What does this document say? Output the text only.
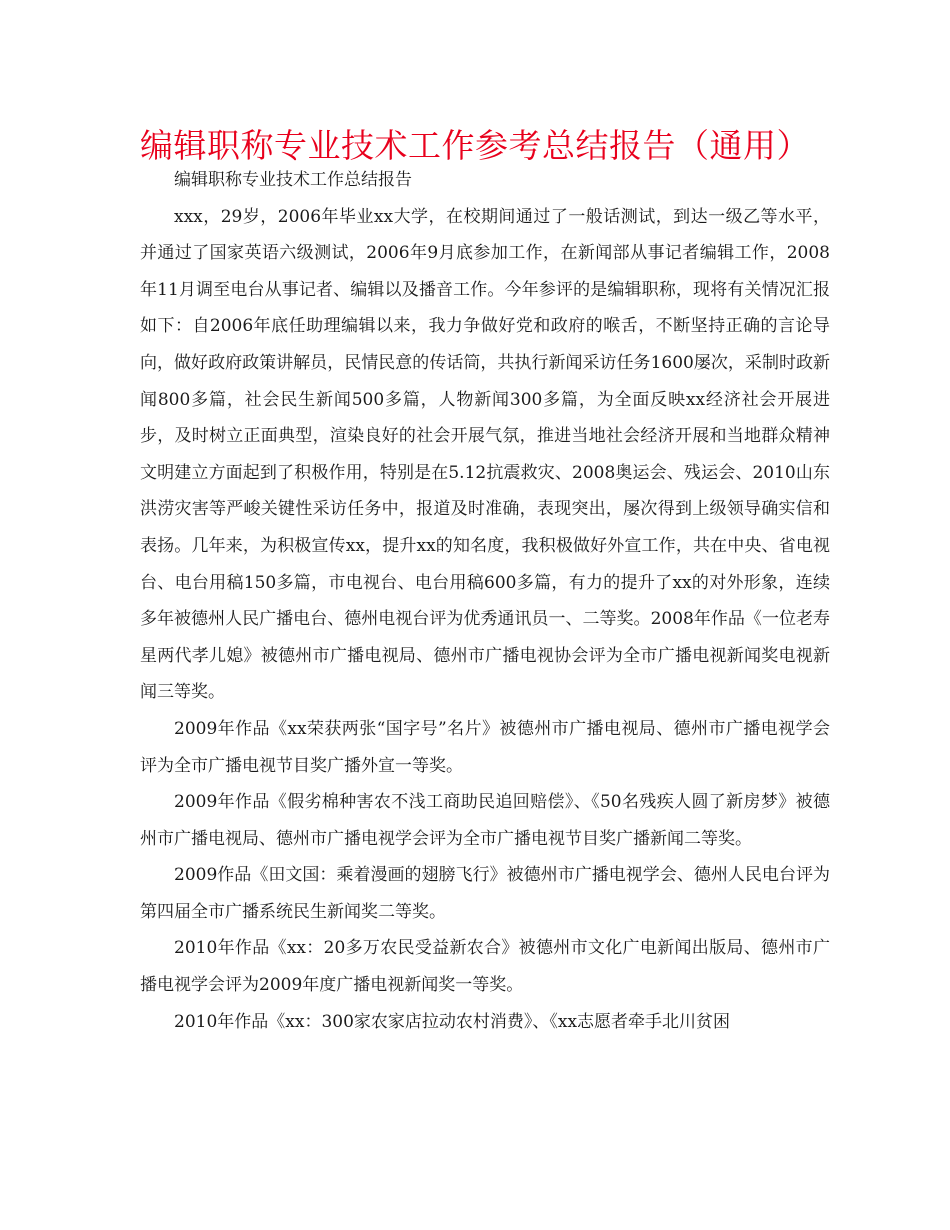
编辑职称专业技术工作参考总结报告（通用）

编辑职称专业技术工作总结报告

xxx，29岁，2006年毕业xx大学，在校期间通过了一般话测试，到达一级乙等水平，并通过了国家英语六级测试，2006年9月底参加工作，在新闻部从事记者编辑工作，2008年11月调至电台从事记者、编辑以及播音工作。今年参评的是编辑职称，现将有关情况汇报如下：自2006年底任助理编辑以来，我力争做好党和政府的喉舌，不断坚持正确的言论导向，做好政府政策讲解员，民情民意的传话筒，共执行新闻采访任务1600屡次，采制时政新闻800多篇，社会民生新闻500多篇，人物新闻300多篇，为全面反映xx经济社会开展进步，及时树立正面典型，渲染良好的社会开展气氛，推进当地社会经济开展和当地群众精神文明建立方面起到了积极作用，特别是在5.12抗震救灾、2008奥运会、残运会、2010山东洪涝灾害等严峻关键性采访任务中，报道及时准确，表现突出，屡次得到上级领导确实信和表扬。几年来，为积极宣传xx，提升xx的知名度，我积极做好外宣工作，共在中央、省电视台、电台用稿150多篇，市电视台、电台用稿600多篇，有力的提升了xx的对外形象，连续多年被德州人民广播电台、德州电视台评为优秀通讯员一、二等奖。2008年作品《一位老寿星两代孝儿媳》被德州市广播电视局、德州市广播电视协会评为全市广播电视新闻奖电视新闻三等奖。

2009年作品《xx荣获两张“国字号”名片》被德州市广播电视局、德州市广播电视学会评为全市广播电视节目奖广播外宣一等奖。

2009年作品《假劣棉种害农不浅工商助民追回赔偿》、《50名残疾人圆了新房梦》被德州市广播电视局、德州市广播电视学会评为全市广播电视节目奖广播新闻二等奖。

2009作品《田文国：乘着漫画的翅膀飞行》被德州市广播电视学会、德州人民电台评为第四届全市广播系统民生新闻奖二等奖。

2010年作品《xx：20多万农民受益新农合》被德州市文化广电新闻出版局、德州市广播电视学会评为2009年度广播电视新闻奖一等奖。

2010年作品《xx：300家农家店拉动农村消费》、《xx志愿者牵手北川贫困
